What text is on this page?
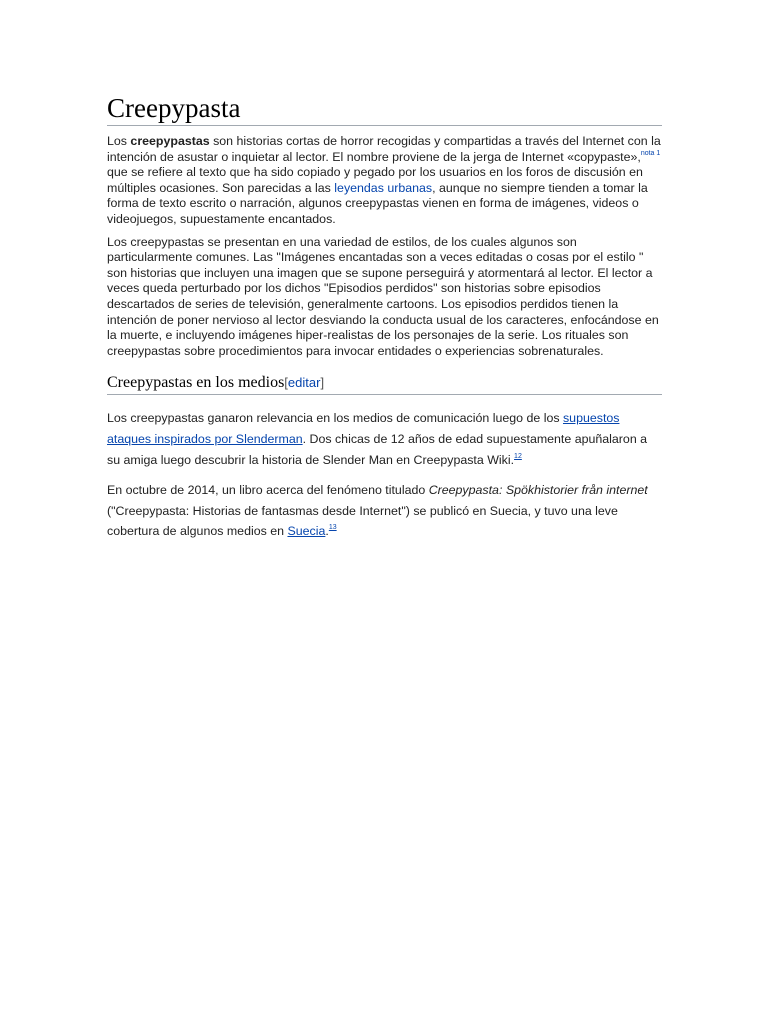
Creepypasta

Los creepypastas son historias cortas de horror recogidas y compartidas a través del Internet con la intención de asustar o inquietar al lector. El nombre proviene de la jerga de Internet «copypaste»,$^{nota 1}$ que se refiere al texto que ha sido copiado y pegado por los usuarios en los foros de discusión en múltiples ocasiones. Son parecidas a las leyendas urbanas, aunque no siempre tienden a tomar la forma de texto escrito o narración, algunos creepypastas vienen en forma de imágenes, videos o videojuegos, supuestamente encantados.

Los creepypastas se presentan en una variedad de estilos, de los cuales algunos son particularmente comunes. Las "Imágenes encantadas son a veces editadas o cosas por el estilo " son historias que incluyen una imagen que se supone perseguirá y atormentará al lector. El lector a veces queda perturbado por los dichos "Episodios perdidos" son historias sobre episodios descartados de series de televisión, generalmente cartoons. Los episodios perdidos tienen la intención de poner nervioso al lector desviando la conducta usual de los caracteres, enfocándose en la muerte, e incluyendo imágenes hiper-realistas de los personajes de la serie. Los rituales son creepypastas sobre procedimientos para invocar entidades o experiencias sobrenaturales.

Creepypastas en los medios[editar]

Los creepypastas ganaron relevancia en los medios de comunicación luego de los supuestos ataques inspirados por Slenderman. Dos chicas de 12 años de edad supuestamente apuñalaron a su amiga luego descubrir la historia de Slender Man en Creepypasta Wiki.$^{12}$

En octubre de 2014, un libro acerca del fenómeno titulado Creepypasta: Spökhistorier från internet ("Creepypasta: Historias de fantasmas desde Internet") se publicó en Suecia, y tuvo una leve cobertura de algunos medios en Suecia.$^{13}$
